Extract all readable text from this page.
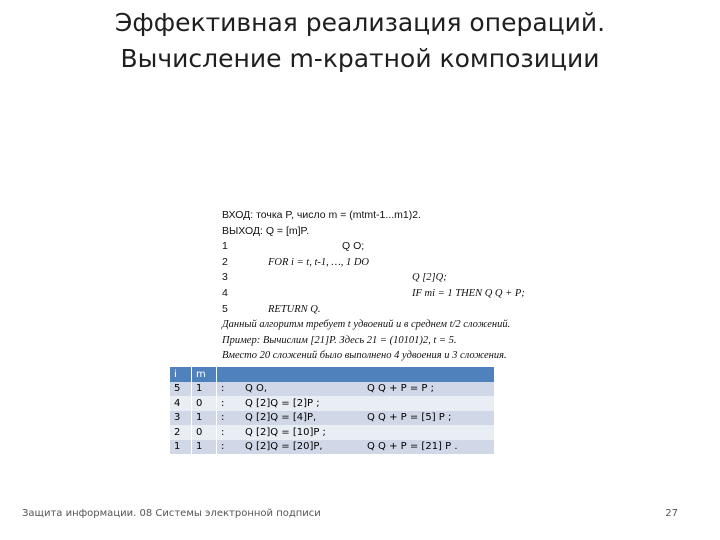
Эффективная реализация операций.
Вычисление m-кратной композиции
ВХОД: точка P, число m = (mtmt-1...m1)2.
ВЫХОД: Q = [m]P.
1	Q O;
2	FOR i = t, t-1, …, 1 DO
3	Q [2]Q;
4	IF mi = 1 THEN Q Q + P;
5	RETURN Q.
Данный алгоритм требует t удвоений и в среднем t/2 сложений.
Пример: Вычислим [21]P. Здесь 21 = (10101)2, t = 5.
Вместо 20 сложений было выполнено 4 удвоения и 3 сложения.
i	m			
5	1	:	Q O,	Q Q + P = P ;
4	0	:	Q [2]Q = [2]P ;	
3	1	:	Q [2]Q = [4]P,	Q Q + P = [5] P ;
2	0	:	Q [2]Q = [10]P ;	
1	1	:	Q [2]Q = [20]P,	Q Q + P = [21] P .
Защита информации. 08 Системы электронной подписи	27
